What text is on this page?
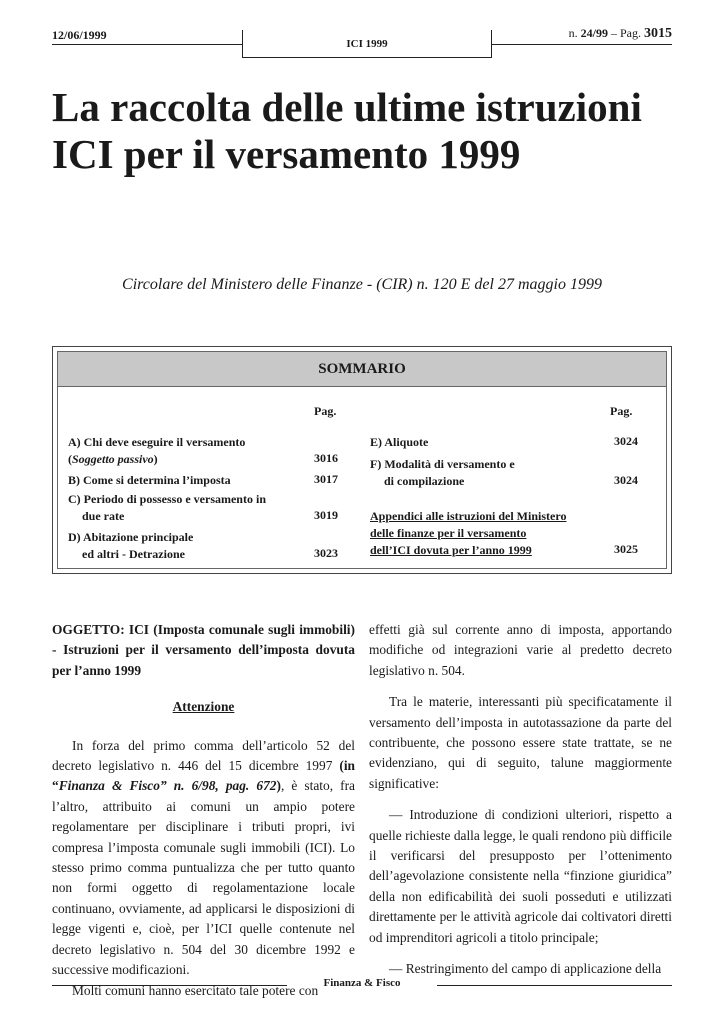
12/06/1999
ICI 1999
n. 24/99 – Pag. 3015
La raccolta delle ultime istruzioni ICI per il versamento 1999
Circolare del Ministero delle Finanze - (CIR) n. 120 E del 27 maggio 1999
SOMMARIO
Pag.	Pag.
A) Chi deve eseguire il versamento
(Soggetto passivo)	3016
B) Come si determina l’imposta	3017
C) Periodo di possesso e versamento in
due rate	3019
D) Abitazione principale
ed altri - Detrazione	3023
E) Aliquote	3024
F) Modalità di versamento e
di compilazione	3024
Appendici alle istruzioni del Ministero
delle finanze per il versamento
dell’ICI dovuta per l’anno 1999	3025

OGGETTO: ICI (Imposta comunale sugli immobili) - Istruzioni per il versamento dell’imposta dovuta per l’anno 1999

Attenzione

In forza del primo comma dell’articolo 52 del decreto legislativo n. 446 del 15 dicembre 1997 (in “Finanza & Fisco” n. 6/98, pag. 672), è stato, fra l’altro, attribuito ai comuni un ampio potere regolamentare per disciplinare i tributi propri, ivi compresa l’imposta comunale sugli immobili (ICI). Lo stesso primo comma puntualizza che per tutto quanto non formi oggetto di regolamentazione locale continuano, ovviamente, ad applicarsi le disposizioni di legge vigenti e, cioè, per l’ICI quelle contenute nel decreto legislativo n. 504 del 30 dicembre 1992 e successive modificazioni.

Molti comuni hanno esercitato tale potere con

effetti già sul corrente anno di imposta, apportando modifiche od integrazioni varie al predetto decreto legislativo n. 504.

Tra le materie, interessanti più specificatamente il versamento dell’imposta in autotassazione da parte del contribuente, che possono essere state trattate, se ne evidenziano, qui di seguito, talune maggiormente significative:

— Introduzione di condizioni ulteriori, rispetto a quelle richieste dalla legge, le quali rendono più difficile il verificarsi del presupposto per l’ottenimento dell’agevolazione consistente nella “finzione giuridica” della non edificabilità dei suoli posseduti e utilizzati direttamente per le attività agricole dai coltivatori diretti od imprenditori agricoli a titolo principale;

— Restringimento del campo di applicazione della

Finanza & Fisco
